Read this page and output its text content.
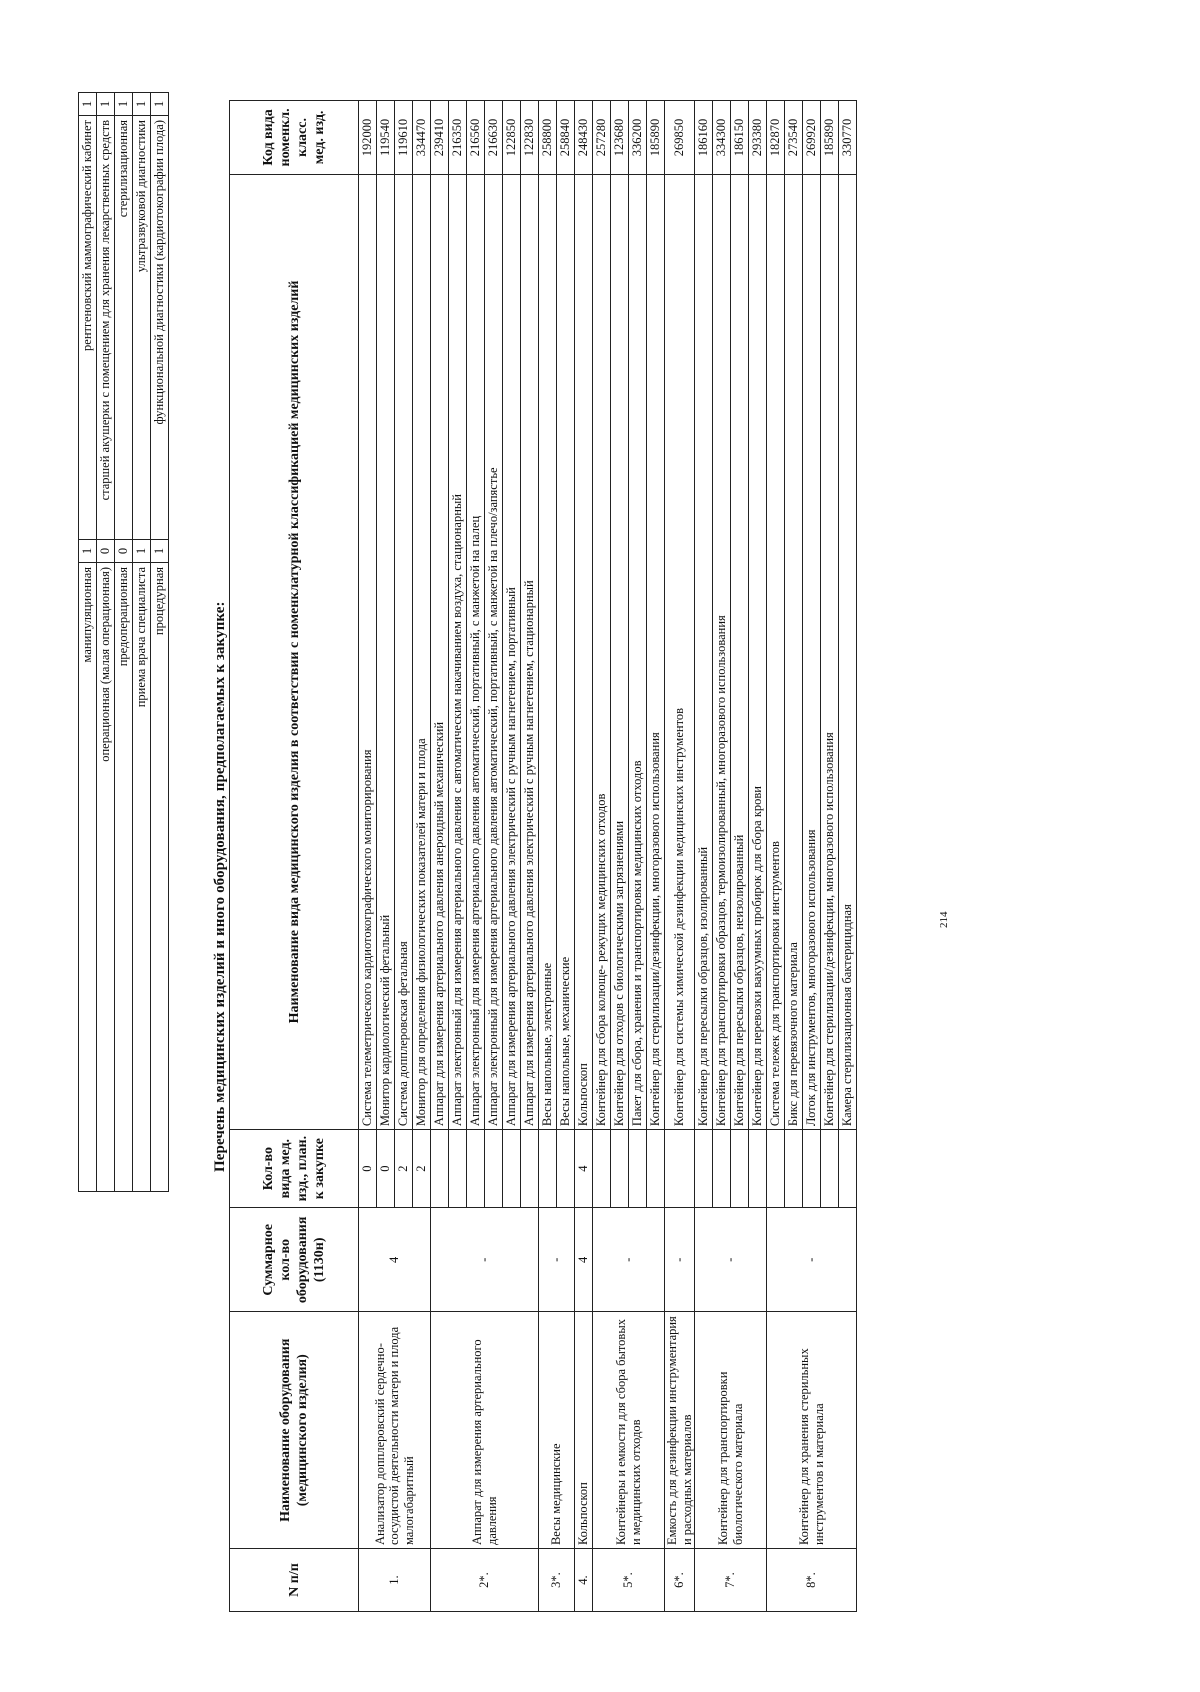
манипуляционная	1	рентгеновский маммографический кабинет	1
операционная (малая операционная)	0	старшей акушерки с помещением для хранения лекарственных средств	1
предоперационная	0	стерилизационная	1
приема врача специалиста	1	ультразвуковой диагностики	1
процедурная	1	функциональной диагностики (кардиотокографии плода)	1
Перечень медицинских изделий и иного оборудования, предполагаемых к закупке:
N п/п	Наименование оборудования (медицинского изделия)	Суммарное кол-во оборудования (1130н)	Кол-во вида мед. изд., план. к закупке	Наименование вида медицинского изделия в соответствии с номенклатурной классификацией медицинских изделий	Код вида номенкл. класс. мед. изд.
1.	Анализатор допплеровский сердечно- сосудистой деятельности матери и плода малогабаритный	4	0	Система телеметрического кардиотокографического мониторирования	192000
			0	Монитор кардиологический фетальный	119540
			2	Система допплеровская фетальная	119610
			2	Монитор для определения физиологических показателей матери и плода	334470
2*.	Аппарат для измерения артериального давления	-		Аппарат для измерения артериального давления анероидный механический	239410
				Аппарат электронный для измерения артериального давления с автоматическим накачиванием воздуха, стационарный	216350
				Аппарат электронный для измерения артериального давления автоматический, портативный, с манжетой на палец	216560
				Аппарат электронный для измерения артериального давления автоматический, портативный, с манжетой на плечо/запястье	216630
				Аппарат для измерения артериального давления электрический с ручным нагнетением, портативный	122850
				Аппарат для измерения артериального давления электрический с ручным нагнетением, стационарный	122830
3*.	Весы медицинские	-		Весы напольные, электронные	258800
				Весы напольные, механические	258840
4.	Кольпоскоп	4	4	Кольпоскоп	248430
5*.	Контейнеры и емкости для сбора бытовых и медицинских отходов	-		Контейнер для сбора колюще- режущих медицинских отходов	257280
				Контейнер для отходов с биологическими загрязнениями	123680
				Пакет для сбора, хранения и транспортировки медицинских отходов	336200
				Контейнер для стерилизации/дезинфекции, многоразового использования	185890
6*.	Емкость для дезинфекции инструментария и расходных материалов	-		Контейнер для системы химической дезинфекции медицинских инструментов	269850
7*.	Контейнер для транспортировки биологического материала	-		Контейнер для пересылки образцов, изолированный	186160
				Контейнер для транспортировки образцов, термоизолированный, многоразового использования	334300
				Контейнер для пересылки образцов, неизолированный	186150
				Контейнер для перевозки вакуумных пробирок для сбора крови	293380
8*.	Контейнер для хранения стерильных инструментов и материала	-		Система тележек для транспортировки инструментов	182870
				Бикс для перевязочного материала	273540
				Лоток для инструментов, многоразового использования	269920
				Контейнер для стерилизации/дезинфекции, многоразового использования	185890
				Камера стерилизационная бактерицидная	330770
214
